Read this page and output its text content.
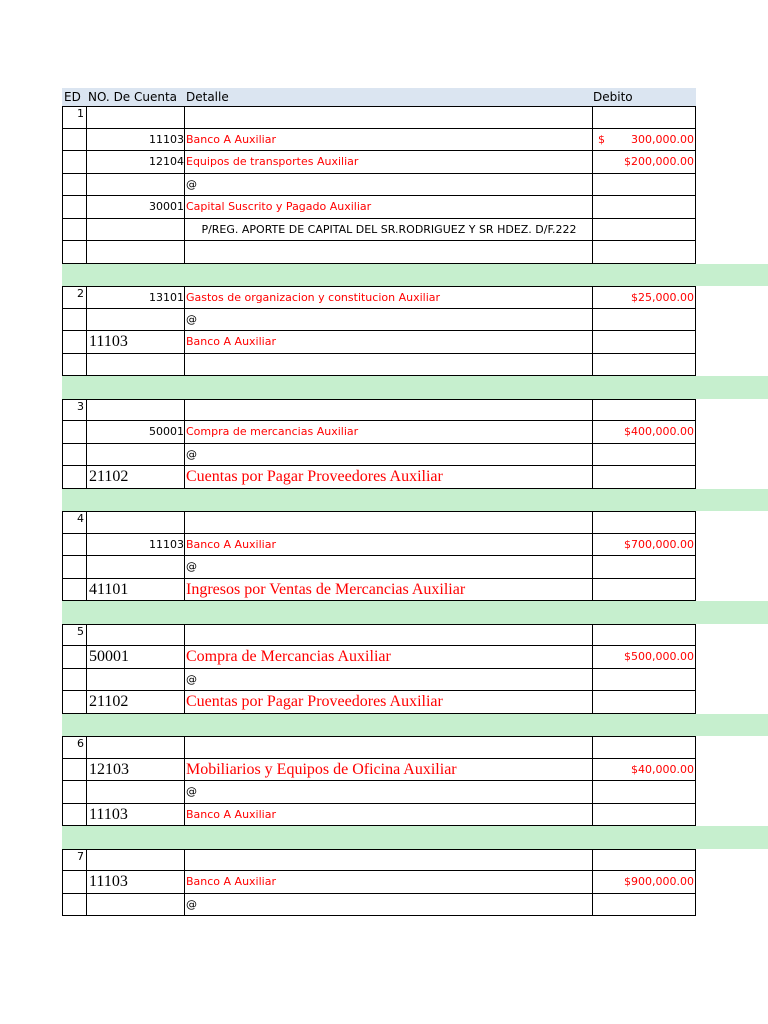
ED NO. De Cuenta Detalle	Debito
1
11103 Banco A Auxiliar	$ 300,000.00
12104 Equipos de transportes Auxiliar	$200,000.00
@
30001 Capital Suscrito y Pagado Auxiliar
P/REG. APORTE DE CAPITAL DEL SR.RODRIGUEZ Y SR HDEZ. D/F.222
2	13101 Gastos de organizacion y constitucion Auxiliar	$25,000.00
@
11103	Banco A Auxiliar
3
50001 Compra de mercancias Auxiliar	$400,000.00
@
21102	Cuentas por Pagar Proveedores Auxiliar
4
11103 Banco A Auxiliar	$700,000.00
@
41101	Ingresos por Ventas de Mercancias Auxiliar
5
50001	Compra de Mercancias Auxiliar	$500,000.00
@
21102	Cuentas por Pagar Proveedores Auxiliar
6
12103	Mobiliarios y Equipos de Oficina Auxiliar	$40,000.00
@
11103	Banco A Auxiliar
7
11103	Banco A Auxiliar	$900,000.00
@
